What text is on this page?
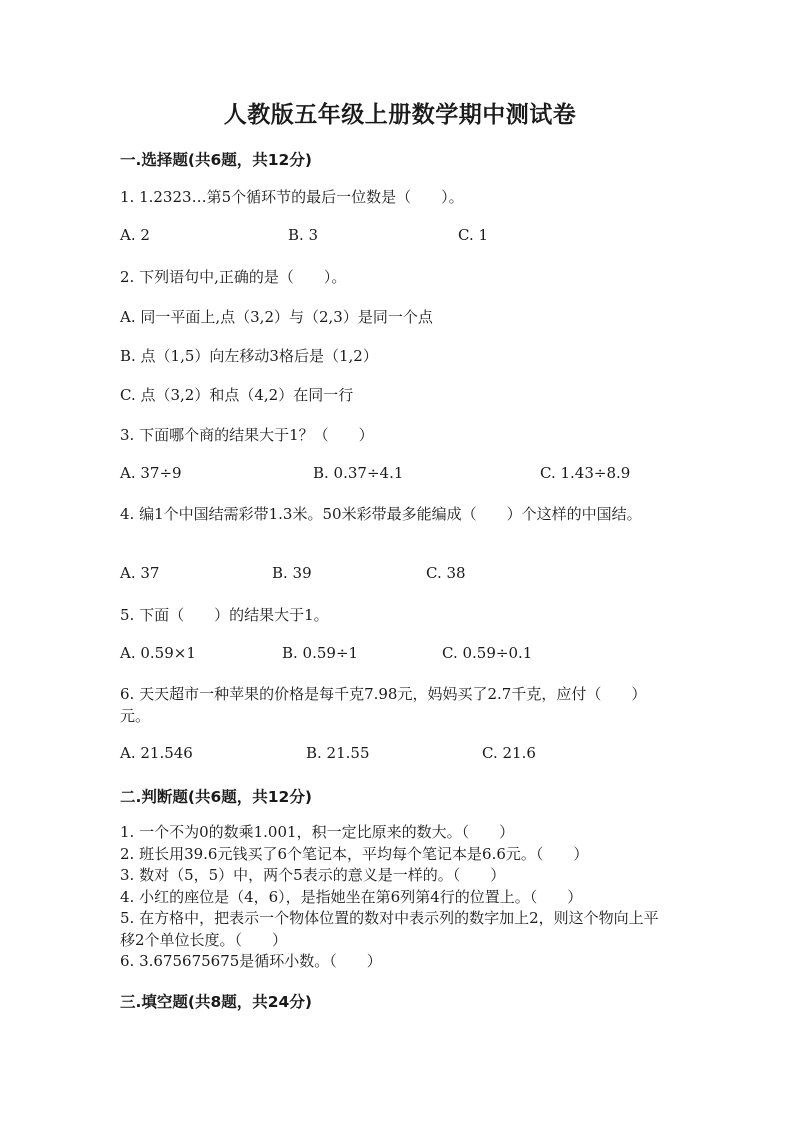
人教版五年级上册数学期中测试卷
一.选择题(共6题，共12分)
1. 1.2323…第5个循环节的最后一位数是（　　）。
A. 2	B. 3	C. 1
2. 下列语句中,正确的是（　　）。
A. 同一平面上,点（3,2）与（2,3）是同一个点
B. 点（1,5）向左移动3格后是（1,2）
C. 点（3,2）和点（4,2）在同一行
3. 下面哪个商的结果大于1？（　　）
A. 37÷9	B. 0.37÷4.1	C. 1.43÷8.9
4. 编1个中国结需彩带1.3米。50米彩带最多能编成（　　）个这样的中国结。
A. 37	B. 39	C. 38
5. 下面（　　）的结果大于1。
A. 0.59×1	B. 0.59÷1	C. 0.59÷0.1
6. 天天超市一种苹果的价格是每千克7.98元，妈妈买了2.7千克，应付（　　）元。
A. 21.546	B. 21.55	C. 21.6
二.判断题(共6题，共12分)
1. 一个不为0的数乘1.001，积一定比原来的数大。（　　）
2. 班长用39.6元钱买了6个笔记本，平均每个笔记本是6.6元。（　　）
3. 数对（5，5）中，两个5表示的意义是一样的。（　　）
4. 小红的座位是（4，6），是指她坐在第6列第4行的位置上。（　　）
5. 在方格中，把表示一个物体位置的数对中表示列的数字加上2，则这个物向上平移2个单位长度。（　　）
6. 3.675675675是循环小数。（　　）
三.填空题(共8题，共24分)
